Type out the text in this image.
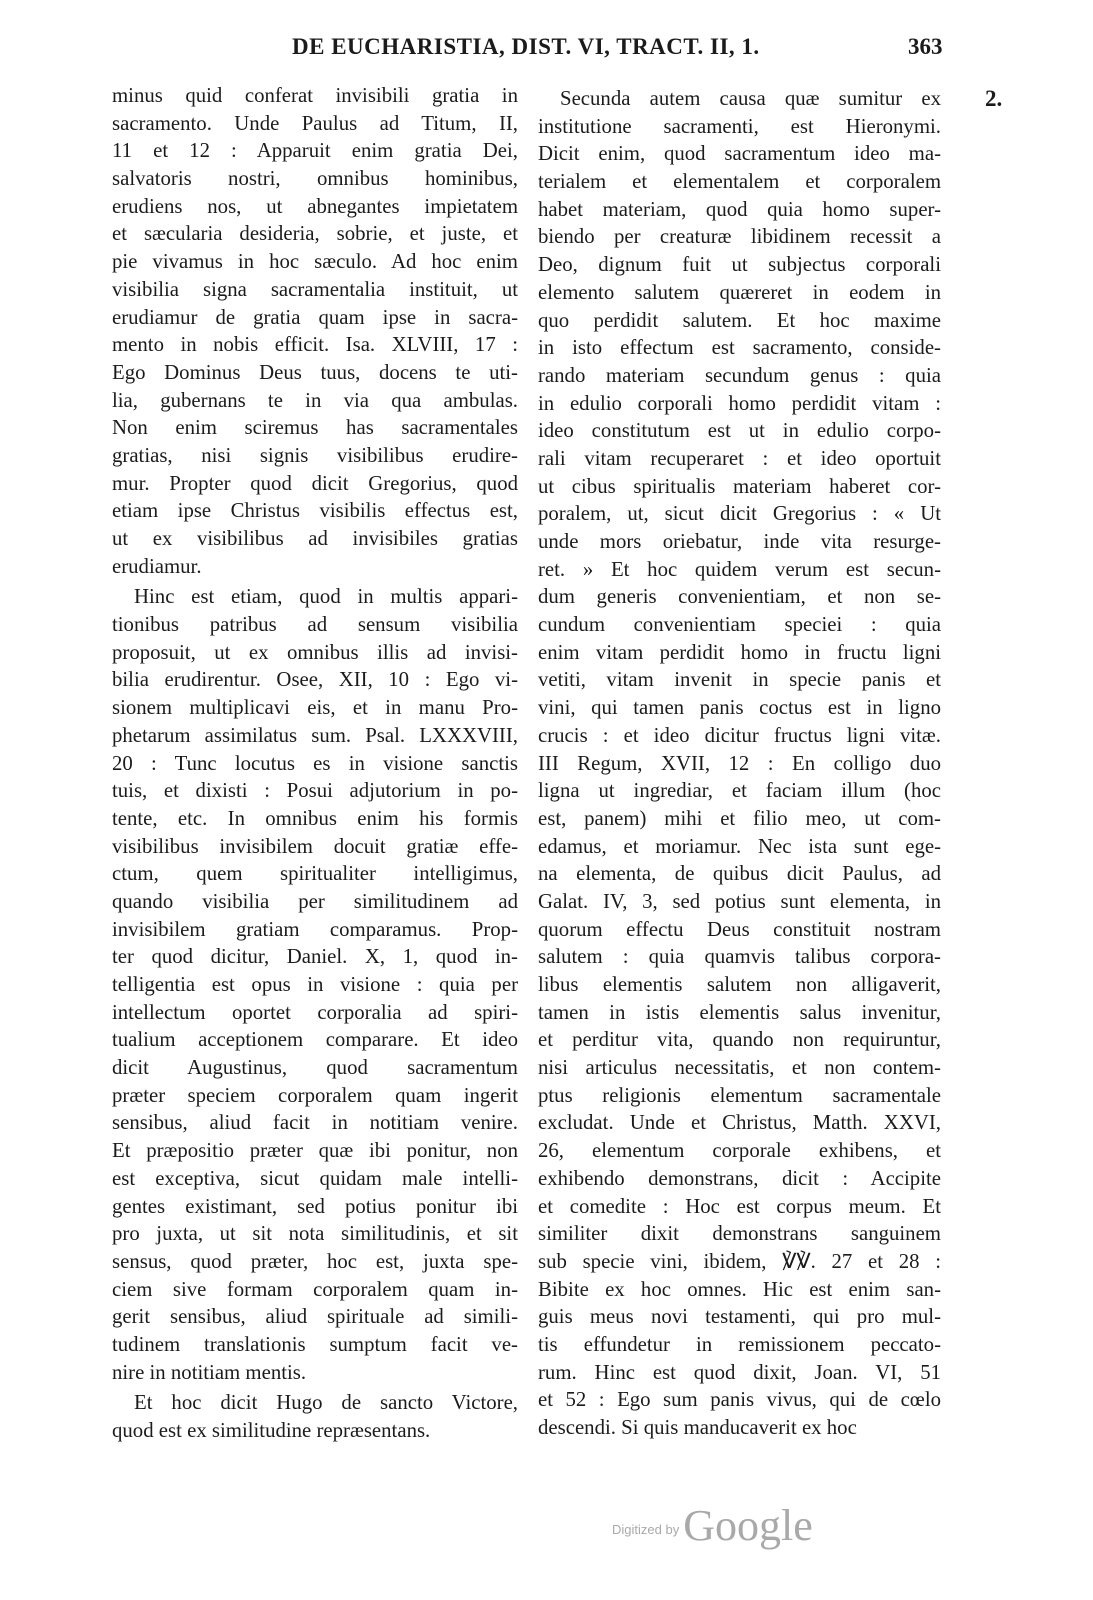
DE EUCHARISTIA, DIST. VI, TRACT. II, 1.	363
2.
minus quid conferat invisibili gratia in
sacramento. Unde Paulus ad Titum, II,
11 et 12 : Apparuit enim gratia Dei,
salvatoris nostri, omnibus hominibus,
erudiens nos, ut abnegantes impietatem
et sæcularia desideria, sobrie, et juste, et
pie vivamus in hoc sæculo. Ad hoc enim
visibilia signa sacramentalia instituit, ut
erudiamur de gratia quam ipse in sacra-
mento in nobis efficit. Isa. XLVIII, 17 :
Ego Dominus Deus tuus, docens te uti-
lia, gubernans te in via qua ambulas.
Non enim sciremus has sacramentales
gratias, nisi signis visibilibus erudire-
mur. Propter quod dicit Gregorius, quod
etiam ipse Christus visibilis effectus est,
ut ex visibilibus ad invisibiles gratias
erudiamur.
Hinc est etiam, quod in multis appari-
tionibus patribus ad sensum visibilia
proposuit, ut ex omnibus illis ad invisi-
bilia erudirentur. Osee, XII, 10 : Ego vi-
sionem multiplicavi eis, et in manu Pro-
phetarum assimilatus sum. Psal. LXXXVIII,
20 : Tunc locutus es in visione sanctis
tuis, et dixisti : Posui adjutorium in po-
tente, etc. In omnibus enim his formis
visibilibus invisibilem docuit gratiæ effe-
ctum, quem spiritualiter intelligimus,
quando visibilia per similitudinem ad
invisibilem gratiam comparamus. Prop-
ter quod dicitur, Daniel. X, 1, quod in-
telligentia est opus in visione : quia per
intellectum oportet corporalia ad spiri-
tualium acceptionem comparare. Et ideo
dicit Augustinus, quod sacramentum
præter speciem corporalem quam ingerit
sensibus, aliud facit in notitiam venire.
Et præpositio præter quæ ibi ponitur, non
est exceptiva, sicut quidam male intelli-
gentes existimant, sed potius ponitur ibi
pro juxta, ut sit nota similitudinis, et sit
sensus, quod præter, hoc est, juxta spe-
ciem sive formam corporalem quam in-
gerit sensibus, aliud spirituale ad simili-
tudinem translationis sumptum facit ve-
nire in notitiam mentis.
Et hoc dicit Hugo de sancto Victore,
quod est ex similitudine repræsentans.
Secunda autem causa quæ sumitur ex
institutione sacramenti, est Hieronymi.
Dicit enim, quod sacramentum ideo ma-
terialem et elementalem et corporalem
habet materiam, quod quia homo super-
biendo per creaturæ libidinem recessit a
Deo, dignum fuit ut subjectus corporali
elemento salutem quæreret in eodem in
quo perdidit salutem. Et hoc maxime
in isto effectum est sacramento, conside-
rando materiam secundum genus : quia
in edulio corporali homo perdidit vitam :
ideo constitutum est ut in edulio corpo-
rali vitam recuperaret : et ideo oportuit
ut cibus spiritualis materiam haberet cor-
poralem, ut, sicut dicit Gregorius : « Ut
unde mors oriebatur, inde vita resurge-
ret. » Et hoc quidem verum est secun-
dum generis convenientiam, et non se-
cundum convenientiam speciei : quia
enim vitam perdidit homo in fructu ligni
vetiti, vitam invenit in specie panis et
vini, qui tamen panis coctus est in ligno
crucis : et ideo dicitur fructus ligni vitæ.
III Regum, XVII, 12 : En colligo duo
ligna ut ingrediar, et faciam illum (hoc
est, panem) mihi et filio meo, ut com-
edamus, et moriamur. Nec ista sunt ege-
na elementa, de quibus dicit Paulus, ad
Galat. IV, 3, sed potius sunt elementa, in
quorum effectu Deus constituit nostram
salutem : quia quamvis talibus corpora-
libus elementis salutem non alligaverit,
tamen in istis elementis salus invenitur,
et perditur vita, quando non requiruntur,
nisi articulus necessitatis, et non contem-
ptus religionis elementum sacramentale
excludat. Unde et Christus, Matth. XXVI,
26, elementum corporale exhibens, et
exhibendo demonstrans, dicit : Accipite
et comedite : Hoc est corpus meum. Et
similiter dixit demonstrans sanguinem
sub specie vini, ibidem, ℣℣. 27 et 28 :
Bibite ex hoc omnes. Hic est enim san-
guis meus novi testamenti, qui pro mul-
tis effundetur in remissionem peccato-
rum. Hinc est quod dixit, Joan. VI, 51
et 52 : Ego sum panis vivus, qui de cœlo
descendi. Si quis manducaverit ex hoc
$^{Digitized by}$Google
